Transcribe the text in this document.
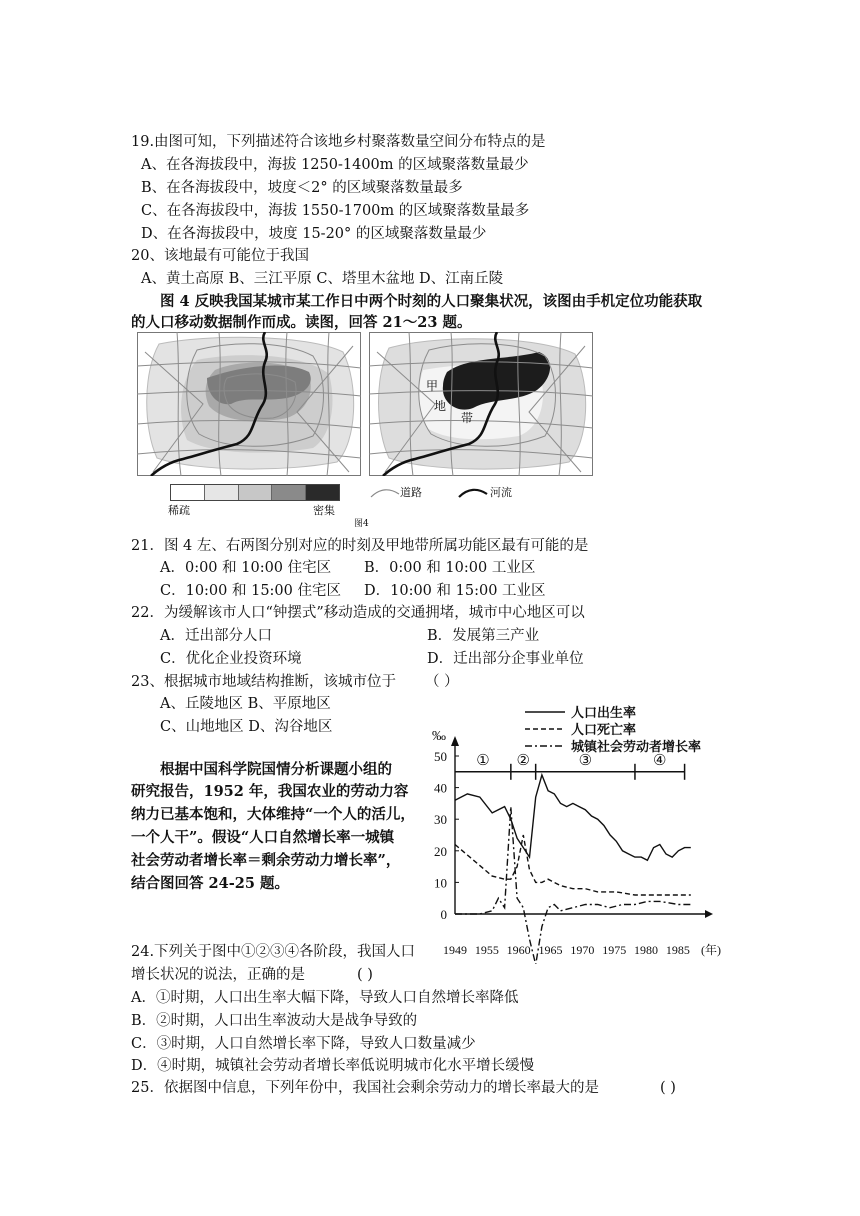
19.由图可知，下列描述符合该地乡村聚落数量空间分布特点的是
A、在各海拔段中，海拔 1250-1400m 的区域聚落数量最少
B、在各海拔段中，坡度＜2° 的区域聚落数量最多
C、在各海拔段中，海拔 1550-1700m 的区域聚落数量最多
D、在各海拔段中，坡度 15-20° 的区域聚落数量最少
20、该地最有可能位于我国
A、黄土高原 B、三江平原 C、塔里木盆地 D、江南丘陵
图 4 反映我国某城市某工作日中两个时刻的人口聚集状况，该图由手机定位功能获取
的人口移动数据制作而成。读图，回答 21～23 题。
甲
地
带
稀疏	密集
道路	河流
图4
21．图 4 左、右两图分别对应的时刻及甲地带所属功能区最有可能的是
A．0:00 和 10:00 住宅区 B．0:00 和 10:00 工业区
C．10:00 和 15:00 住宅区 D．10:00 和 15:00 工业区
22．为缓解该市人口“钟摆式”移动造成的交通拥堵，城市中心地区可以
A．迁出部分人口	B．发展第三产业
C．优化企业投资环境	D．迁出部分企事业单位
23、根据城市地域结构推断，该城市位于 （ ）
A、丘陵地区 B、平原地区
C、山地地区 D、沟谷地区
根据中国科学院国情分析课题小组的
研究报告，1952 年，我国农业的劳动力容
纳力已基本饱和，大体维持“一个人的活儿，
一个人干”。假设“人口自然增长率一城镇
社会劳动者增长率＝剩余劳动力增长率”，
结合图回答 24-25 题。
‰
0
10
20
30
40
50
1949 1955 1960 1965 1970 1975 1980 1985 (年)
① ②	③	④
人口出生率
人口死亡率
城镇社会劳动者增长率
24.下列关于图中①②③④各阶段，我国人口
增长状况的说法，正确的是	( )
A．①时期，人口出生率大幅下降，导致人口自然增长率降低
B．②时期，人口出生率波动大是战争导致的
C．③时期，人口自然增长率下降，导致人口数量减少
D．④时期，城镇社会劳动者增长率低说明城市化水平增长缓慢
25．依据图中信息，下列年份中，我国社会剩余劳动力的增长率最大的是	( )
